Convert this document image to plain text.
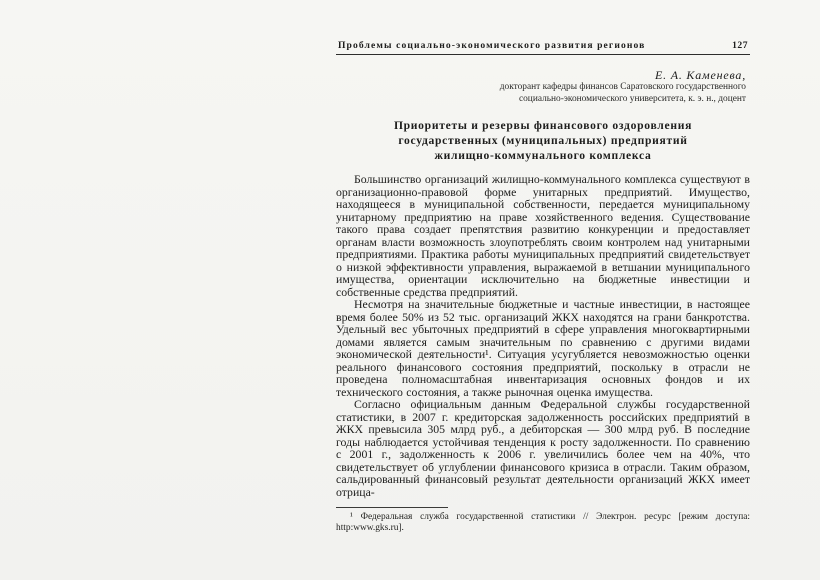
Проблемы социально-экономического развития регионов	127
Е. А. Каменева,
докторант кафедры финансов Саратовского государственного
социально-экономического университета, к. э. н., доцент
Приоритеты и резервы финансового оздоровления
государственных (муниципальных) предприятий
жилищно-коммунального комплекса

Большинство организаций жилищно-коммунального комплекса существуют в организационно-правовой форме унитарных предприятий. Имущество, находящееся в муниципальной собственности, передается муниципальному унитарному предприятию на праве хозяйственного ведения. Существование такого права создает препятствия развитию конкуренции и предоставляет органам власти возможность злоупотреблять своим контролем над унитарными предприятиями. Практика работы муниципальных предприятий свидетельствует о низкой эффективности управления, выражаемой в ветшании муниципального имущества, ориентации исключительно на бюджетные инвестиции и собственные средства предприятий.

Несмотря на значительные бюджетные и частные инвестиции, в настоящее время более 50% из 52 тыс. организаций ЖКХ находятся на грани банкротства. Удельный вес убыточных предприятий в сфере управления многоквартирными домами является самым значительным по сравнению с другими видами экономической деятельности¹. Ситуация усугубляется невозможностью оценки реального финансового состояния предприятий, поскольку в отрасли не проведена полномасштабная инвентаризация основных фондов и их технического состояния, а также рыночная оценка имущества.

Согласно официальным данным Федеральной службы государственной статистики, в 2007 г. кредиторская задолженность российских предприятий в ЖКХ превысила 305 млрд руб., а дебиторская — 300 млрд руб. В последние годы наблюдается устойчивая тенденция к росту задолженности. По сравнению с 2001 г., задолженность к 2006 г. увеличились более чем на 40%, что свидетельствует об углублении финансового кризиса в отрасли. Таким образом, сальдированный финансовый результат деятельности организаций ЖКХ имеет отрица-

¹ Федеральная служба государственной статистики // Электрон. ресурс [режим доступа: http:www.gks.ru].
